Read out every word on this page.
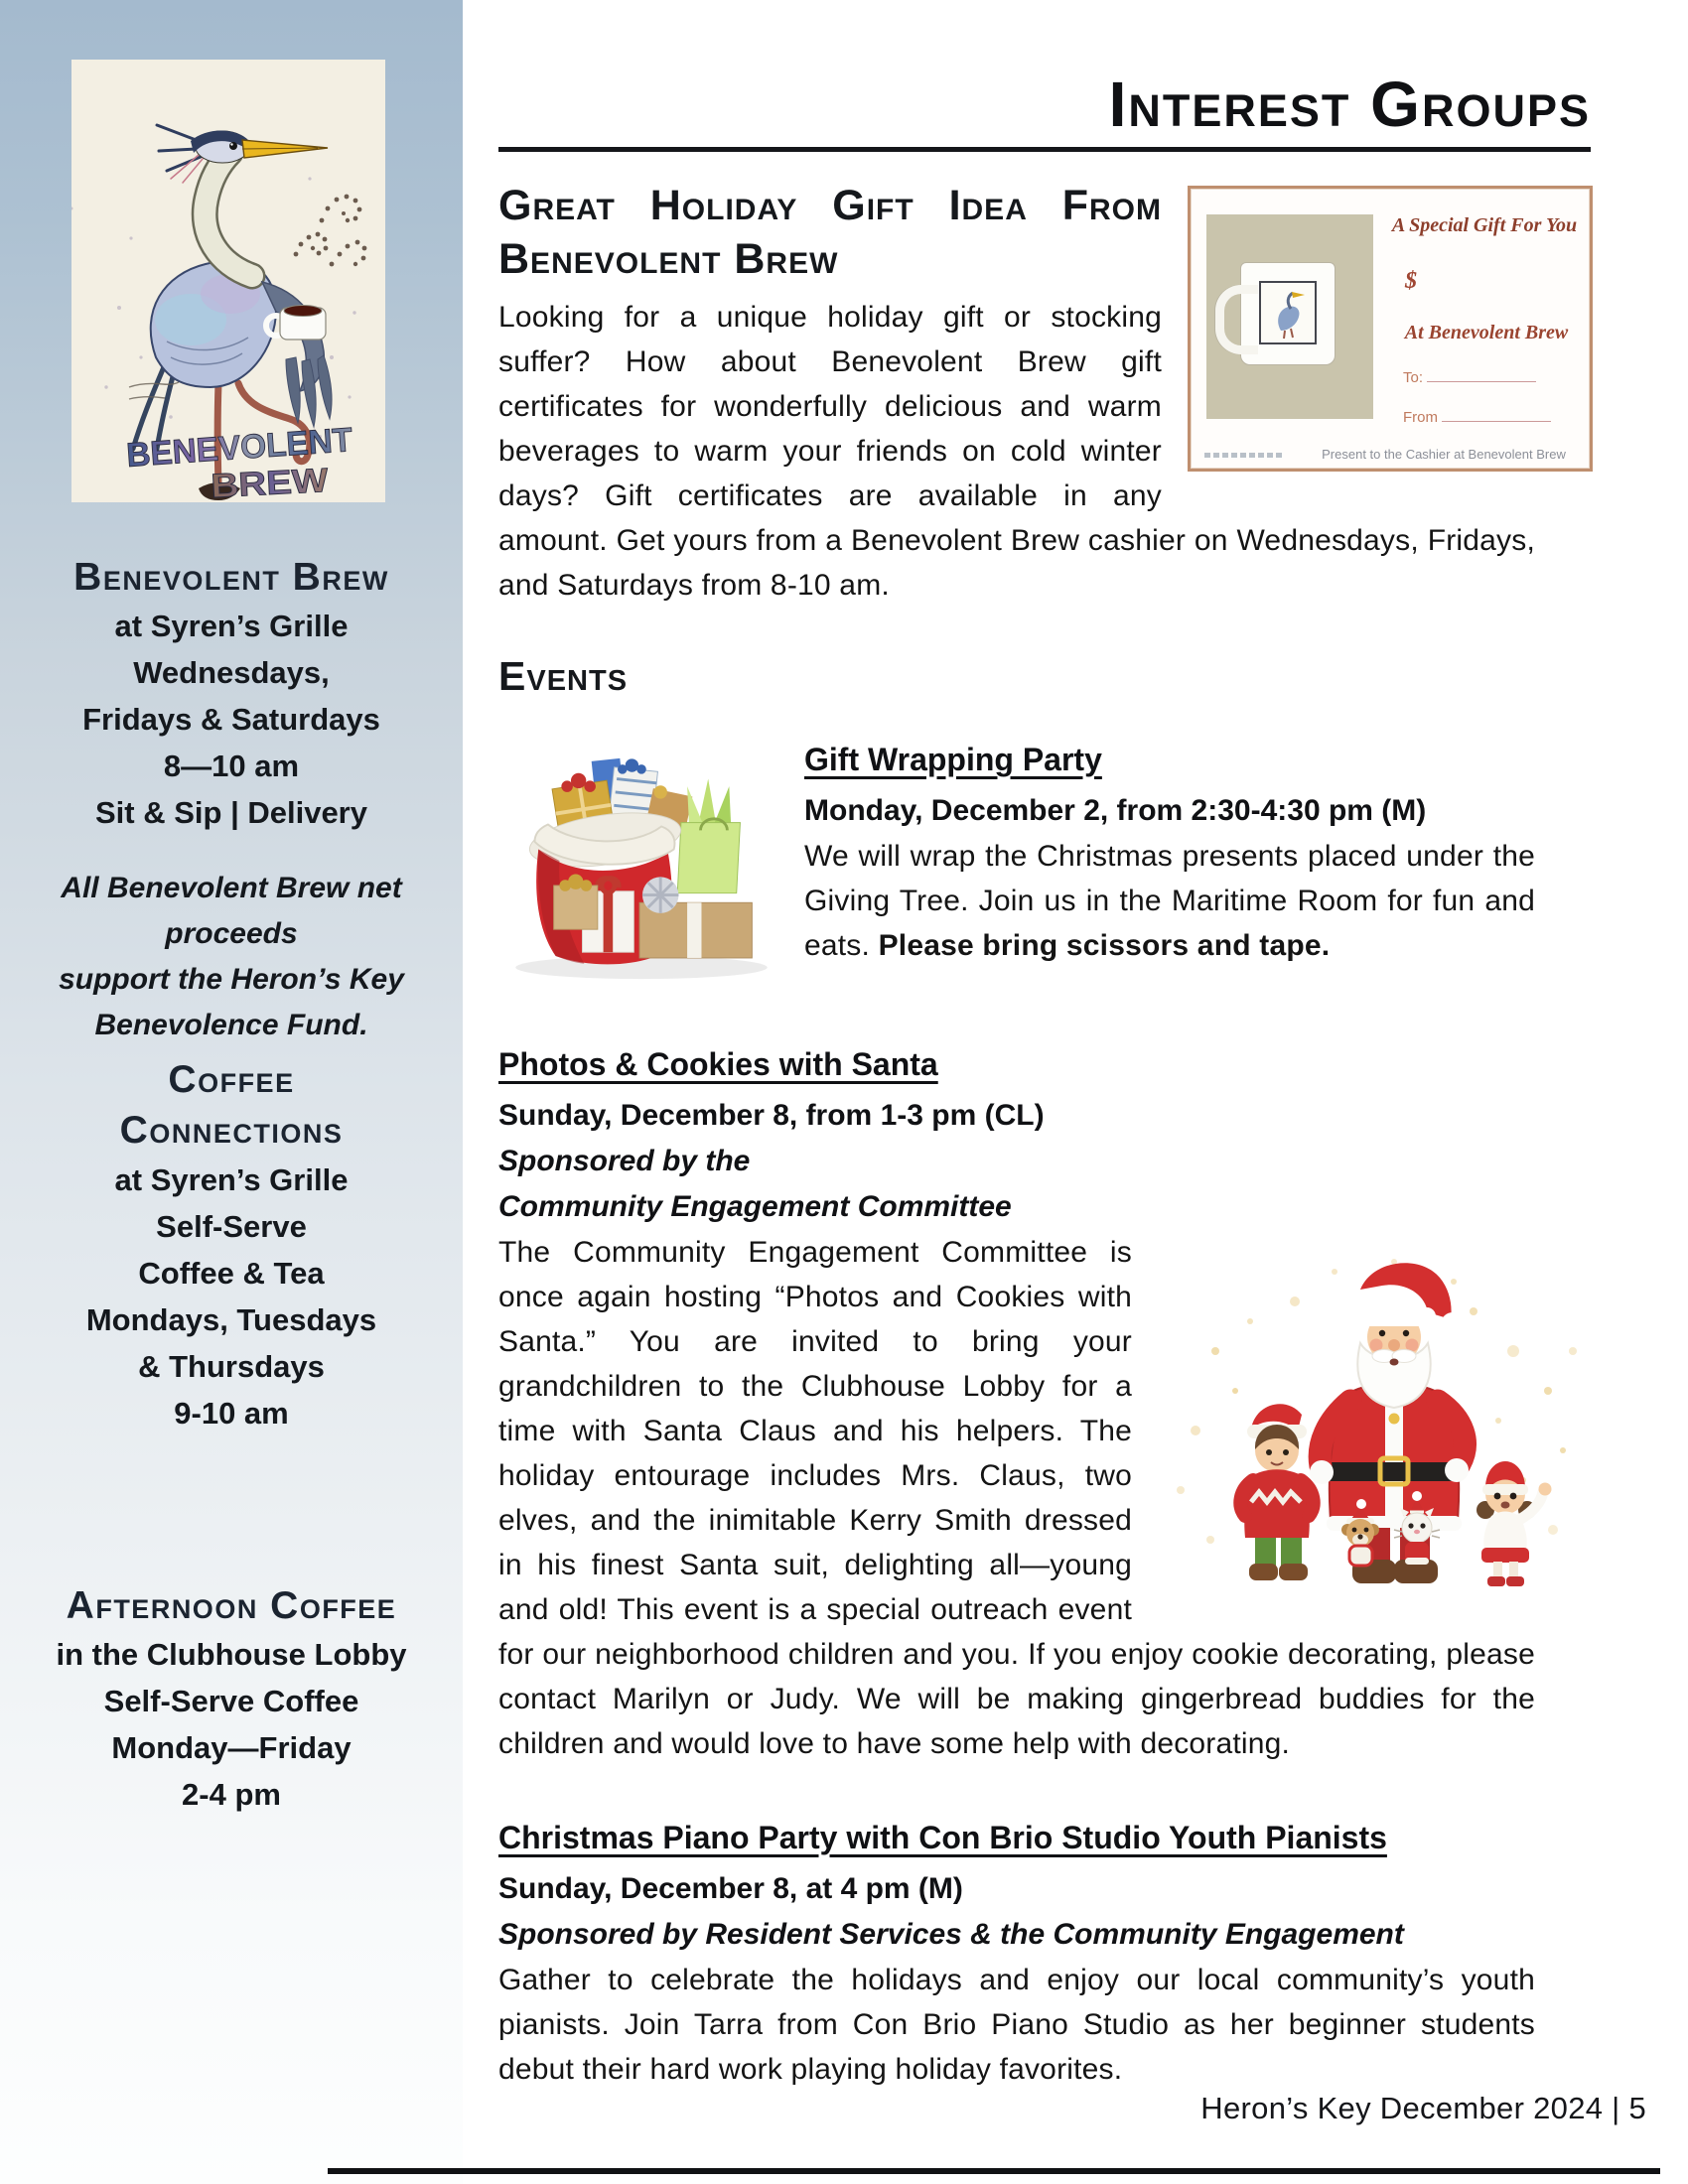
BENEVOLENT
BREW
Benevolent Brew
at Syren’s Grille
Wednesdays,
Fridays & Saturdays
8—10 am
Sit & Sip | Delivery
All Benevolent Brew net proceeds
support the Heron’s Key
Benevolence Fund.
Coffee Connections
at Syren’s Grille
Self-Serve
Coffee & Tea
Mondays, Tuesdays
& Thursdays
9-10 am
Afternoon Coffee
in the Clubhouse Lobby
Self-Serve Coffee
Monday—Friday
2-4 pm
Interest Groups
A Special Gift For You
$
At Benevolent Brew
To:
From
Present to the Cashier at Benevolent Brew
Great Holiday Gift Idea From Benevolent Brew

Looking for a unique holiday gift or stocking suffer? How about Benevolent Brew gift certificates for wonderfully delicious and warm beverages to warm your friends on cold winter days? Gift certificates are available in any amount. Get yours from a Benevolent Brew cashier on Wednesdays, Fridays, and Saturdays from 8-10 am.

Events
Gift Wrapping Party
Monday, December 2, from 2:30-4:30 pm (M)

We will wrap the Christmas presents placed under the Giving Tree. Join us in the Maritime Room for fun and eats. Please bring scissors and tape.

Photos & Cookies with Santa
Sunday, December 8, from 1-3 pm (CL)
Sponsored by the
Community Engagement Committee

The Community Engagement Committee is once again hosting “Photos and Cookies with Santa.” You are invited to bring your grandchildren to the Clubhouse Lobby for a time with Santa Claus and his helpers. The holiday entourage includes Mrs. Claus, two elves, and the inimitable Kerry Smith dressed in his finest Santa suit, delighting all—young and old! This event is a special outreach event for our neighborhood children and you. If you enjoy cookie decorating, please contact Marilyn or Judy. We will be making gingerbread buddies for the children and would love to have some help with decorating.

Christmas Piano Party with Con Brio Studio Youth Pianists
Sunday, December 8, at 4 pm (M)
Sponsored by Resident Services & the Community Engagement

Gather to celebrate the holidays and enjoy our local community’s youth pianists. Join Tarra from Con Brio Piano Studio as her beginner students debut their hard work playing holiday favorites.

Heron’s Key December 2024 | 5
